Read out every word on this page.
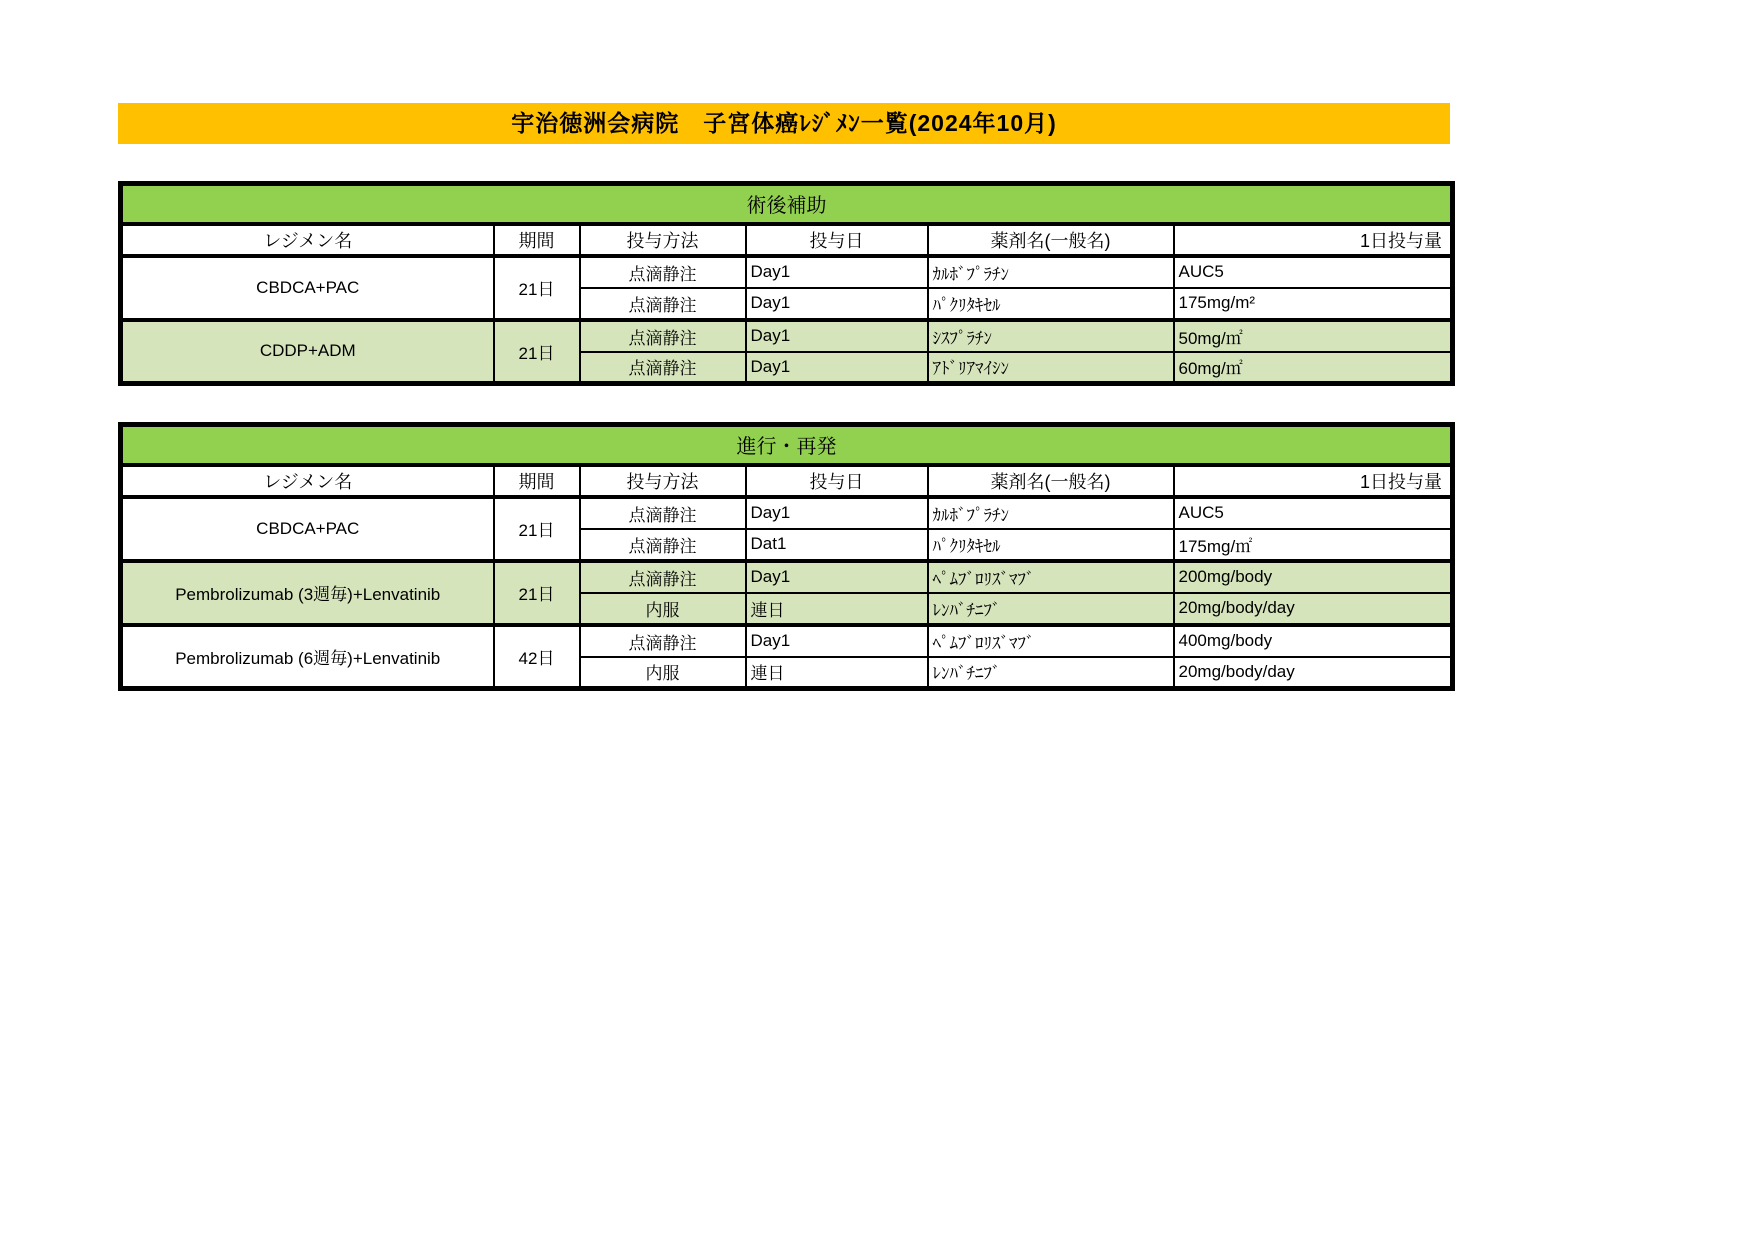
宇治徳洲会病院　子宮体癌ﾚｼﾞﾒﾝ一覧(2024年10月)
術後補助					
レジメン名	期間	投与方法	投与日	薬剤名(一般名)	1日投与量
CBDCA+PAC	21日	点滴静注	Day1	ｶﾙﾎﾞﾌﾟﾗﾁﾝ	AUC5
		点滴静注	Day1	ﾊﾟｸﾘﾀｷｾﾙ	175mg/m²
CDDP+ADM	21日	点滴静注	Day1	ｼｽﾌﾟﾗﾁﾝ	50mg/㎡
		点滴静注	Day1	ｱﾄﾞﾘｱﾏｲｼﾝ	60mg/㎡
進行・再発					
レジメン名	期間	投与方法	投与日	薬剤名(一般名)	1日投与量
CBDCA+PAC	21日	点滴静注	Day1	ｶﾙﾎﾞﾌﾟﾗﾁﾝ	AUC5
		点滴静注	Dat1	ﾊﾟｸﾘﾀｷｾﾙ	175mg/㎡
Pembrolizumab (3週毎)+Lenvatinib	21日	点滴静注	Day1	ﾍﾟﾑﾌﾞﾛﾘｽﾞﾏﾌﾞ	200mg/body
		内服	連日	ﾚﾝﾊﾞﾁﾆﾌﾞ	20mg/body/day
Pembrolizumab (6週毎)+Lenvatinib	42日	点滴静注	Day1	ﾍﾟﾑﾌﾞﾛﾘｽﾞﾏﾌﾞ	400mg/body
		内服	連日	ﾚﾝﾊﾞﾁﾆﾌﾞ	20mg/body/day
